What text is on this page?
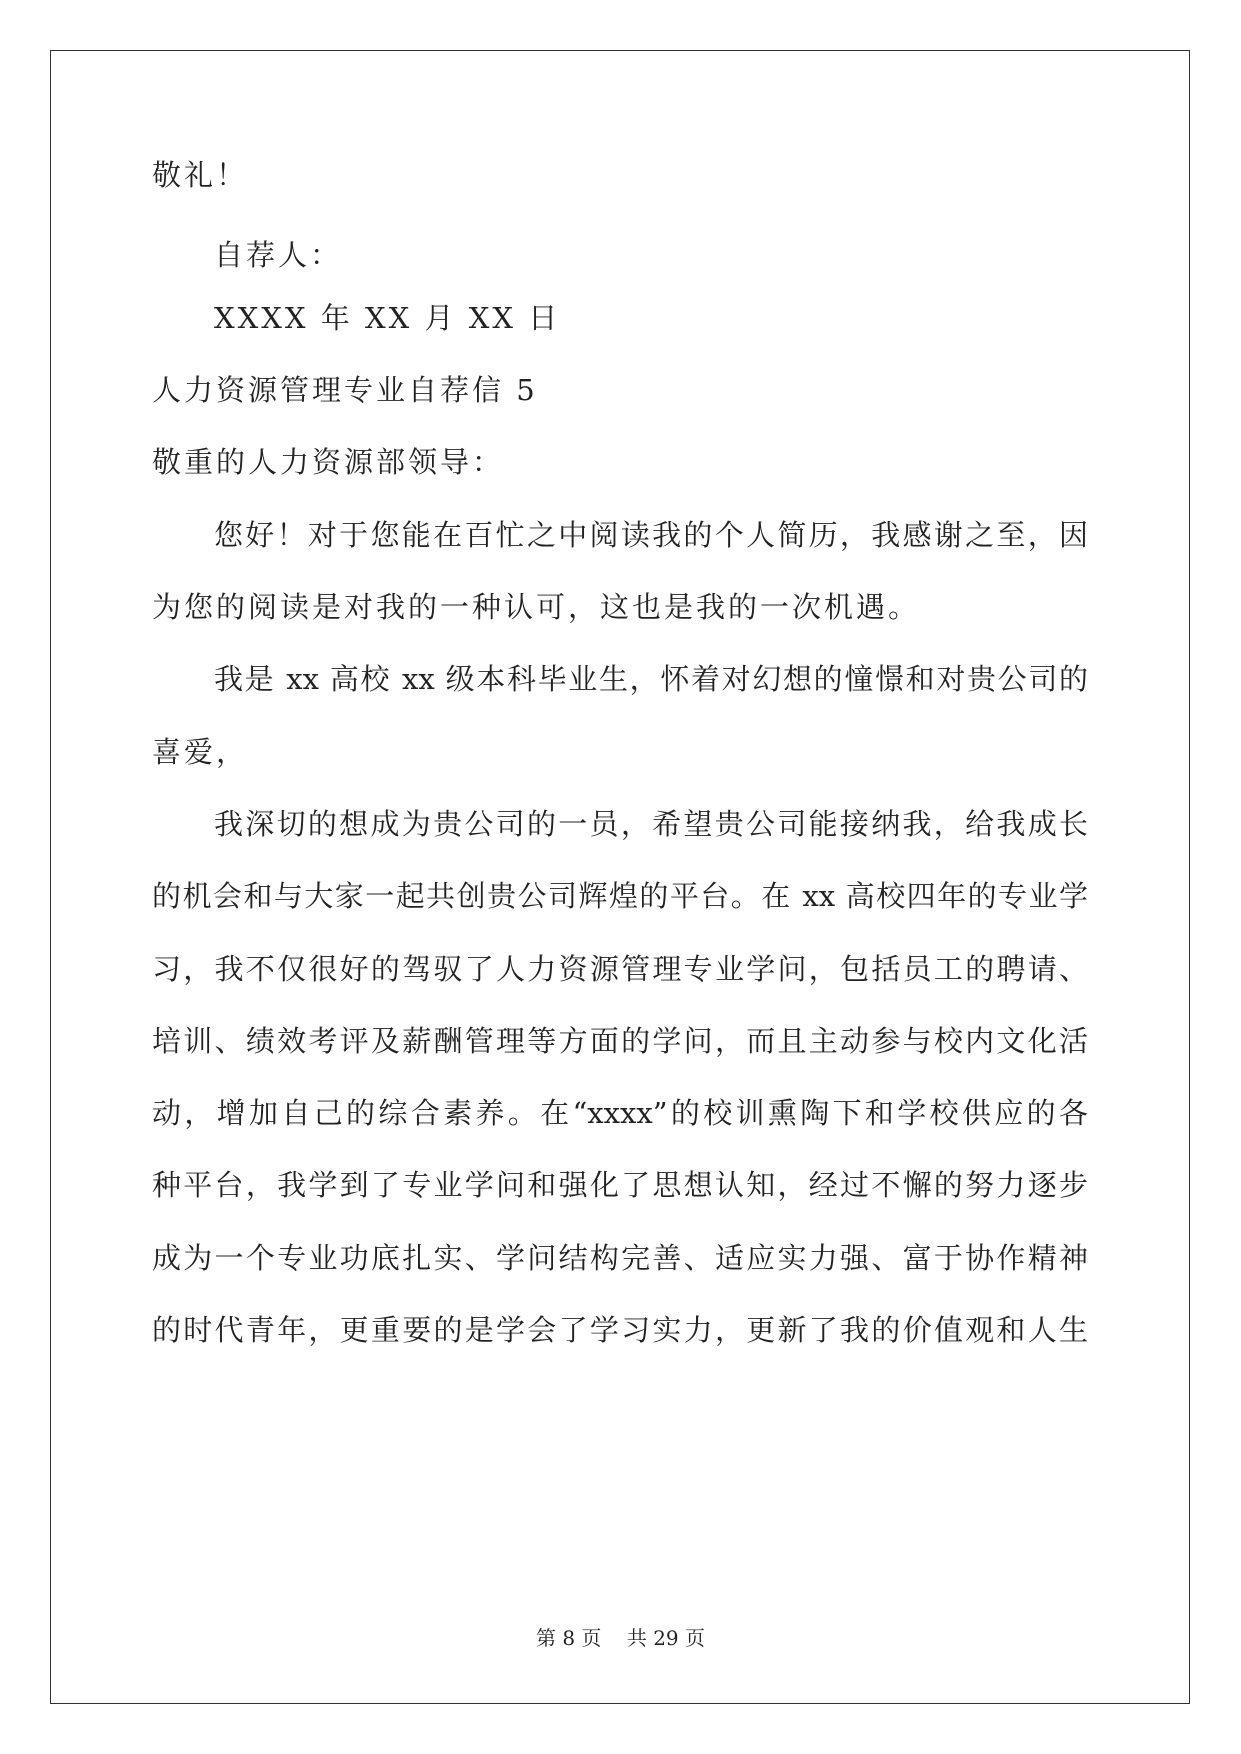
敬礼！
自荐人：
XXXX 年 XX 月 XX 日
人力资源管理专业自荐信 5
敬重的人力资源部领导：
您好！对于您能在百忙之中阅读我的个人简历，我感谢之至，因
为您的阅读是对我的一种认可，这也是我的一次机遇。
我是 xx 高校 xx 级本科毕业生，怀着对幻想的憧憬和对贵公司的
喜爱，
我深切的想成为贵公司的一员，希望贵公司能接纳我，给我成长
的机会和与大家一起共创贵公司辉煌的平台。在 xx 高校四年的专业学
习，我不仅很好的驾驭了人力资源管理专业学问，包括员工的聘请、
培训、绩效考评及薪酬管理等方面的学问，而且主动参与校内文化活
动，增加自己的综合素养。在“xxxx”的校训熏陶下和学校供应的各
种平台，我学到了专业学问和强化了思想认知，经过不懈的努力逐步
成为一个专业功底扎实、学问结构完善、适应实力强、富于协作精神
的时代青年，更重要的是学会了学习实力，更新了我的价值观和人生
第 8 页    共 29 页
